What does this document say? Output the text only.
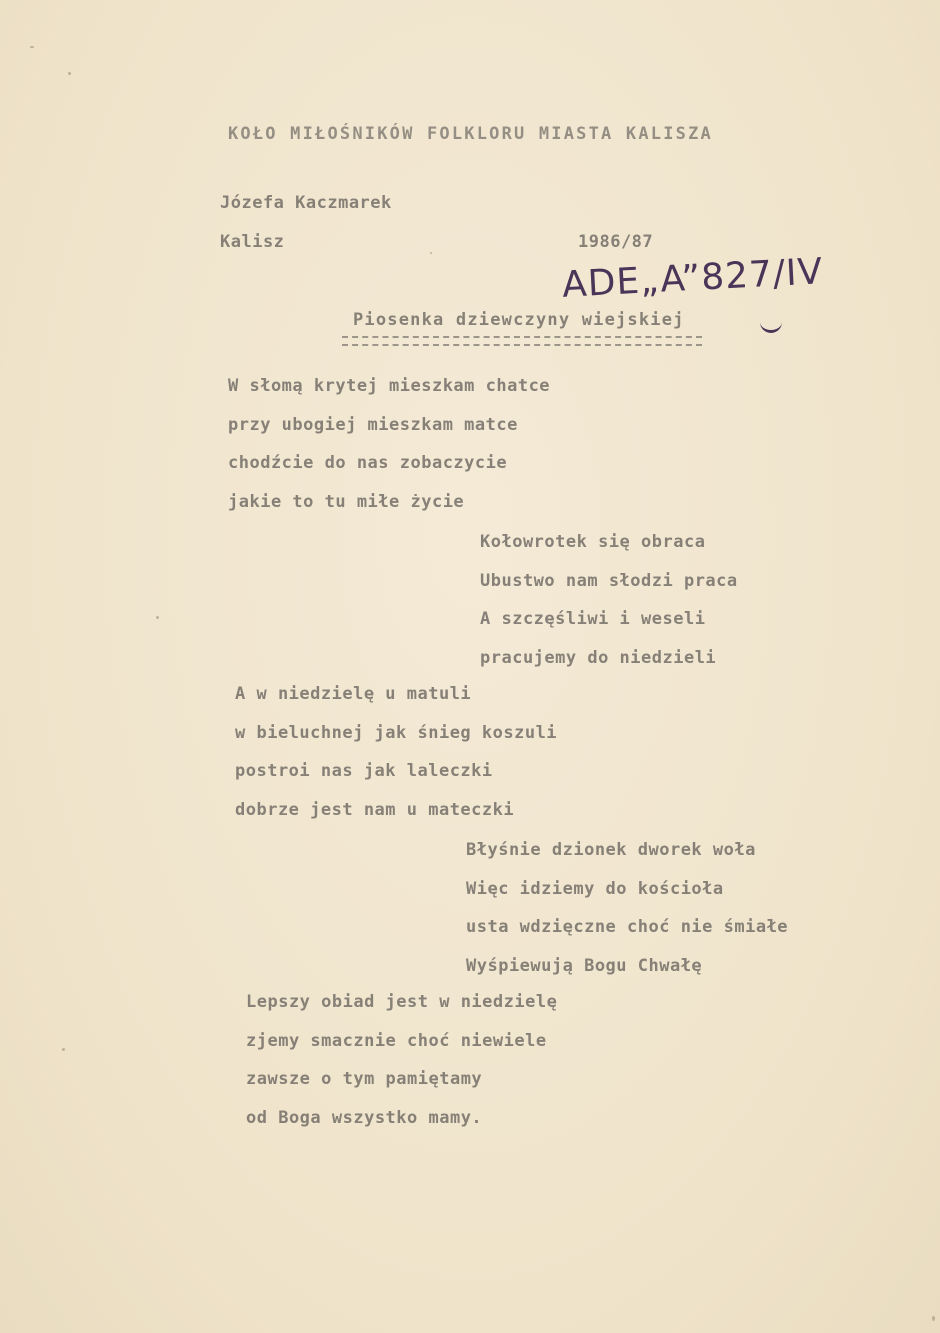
KOŁO MIŁOŚNIKÓW FOLKLORU MIASTA KALISZA
Józefa Kaczmarek
Kalisz	1986/87
ADE„A”827/IV
Piosenka dziewczyny wiejskiej
W słomą krytej mieszkam chatce
przy ubogiej mieszkam matce
chodźcie do nas zobaczycie
jakie to tu miłe życie
Kołowrotek się obraca
Ubustwo nam słodzi praca
A szczęśliwi i weseli
pracujemy do niedzieli
A w niedzielę u matuli
w bieluchnej jak śnieg koszuli
postroi nas jak laleczki
dobrze jest nam u mateczki
Błyśnie dzionek dworek woła
Więc idziemy do kościoła
usta wdzięczne choć nie śmiałe
Wyśpiewują Bogu Chwałę
Lepszy obiad jest w niedzielę
zjemy smacznie choć niewiele
zawsze o tym pamiętamy
od Boga wszystko mamy.
